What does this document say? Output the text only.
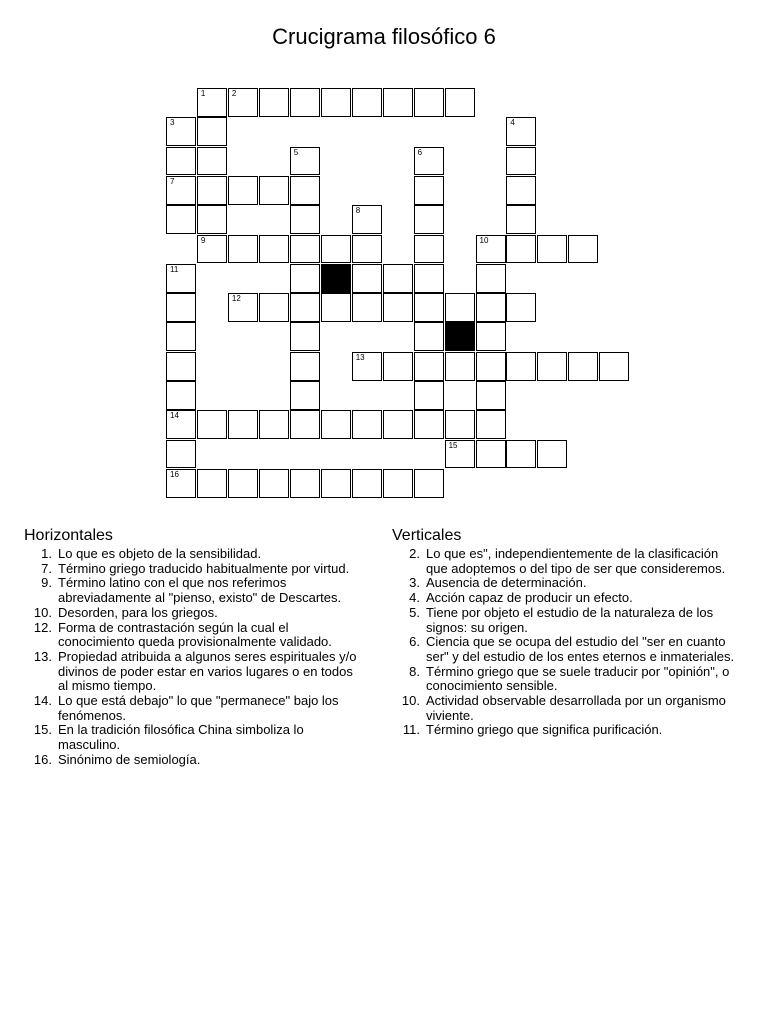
Crucigrama filosófico 6
1	2
3	4
5	6
7
8
9	10
11
12
13
14
15
16
Horizontales
1. Lo que es objeto de la sensibilidad.
7. Término griego traducido habitualmente por virtud.
9. Término latino con el que nos referimos abreviadamente al "pienso, existo" de Descartes.
10. Desorden, para los griegos.
12. Forma de contrastación según la cual el conocimiento queda provisionalmente validado.
13. Propiedad atribuida a algunos seres espirituales y/o divinos de poder estar en varios lugares o en todos al mismo tiempo.
14. Lo que está debajo" lo que "permanece" bajo los fenómenos.
15. En la tradición filosófica China simboliza lo masculino.
16. Sinónimo de semiología.
Verticales
2. Lo que es", independientemente de la clasificación que adoptemos o del tipo de ser que consideremos.
3. Ausencia de determinación.
4. Acción capaz de producir un efecto.
5. Tiene por objeto el estudio de la naturaleza de los signos: su origen.
6. Ciencia que se ocupa del estudio del "ser en cuanto ser" y del estudio de los entes eternos e inmateriales.
8. Término griego que se suele traducir por "opinión", o conocimiento sensible.
10. Actividad observable desarrollada por un organismo viviente.
11. Término griego que significa purificación.
